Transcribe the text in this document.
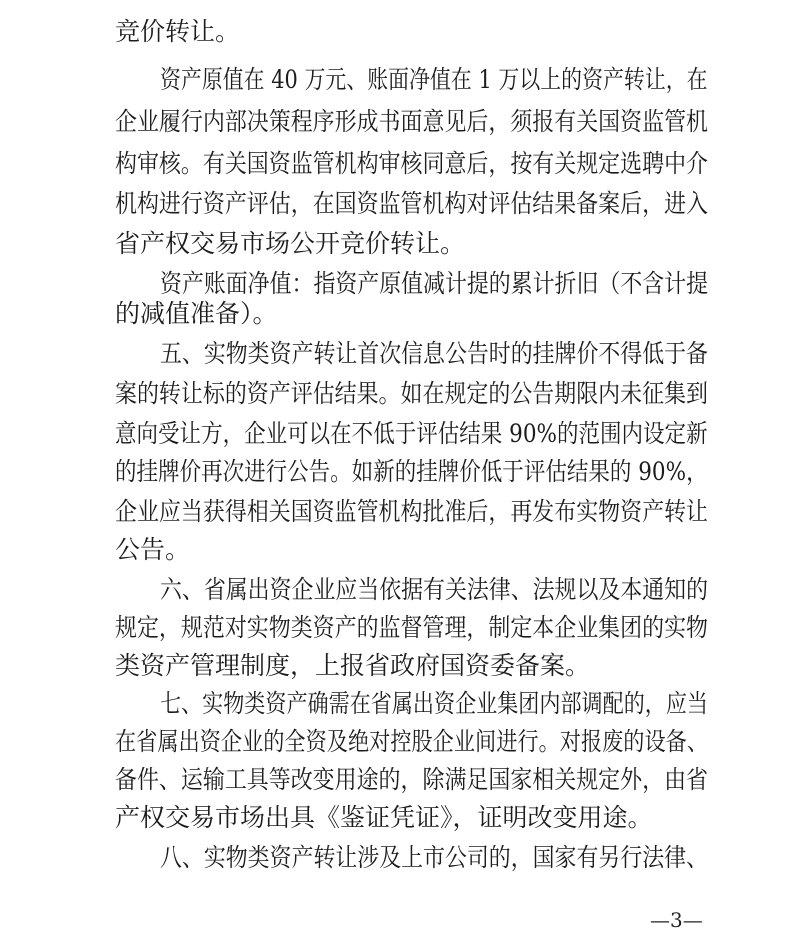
竞价转让。
资产原值在 40 万元、账面净值在 1 万以上的资产转让，在
企业履行内部决策程序形成书面意见后，须报有关国资监管机
构审核。有关国资监管机构审核同意后，按有关规定选聘中介
机构进行资产评估，在国资监管机构对评估结果备案后，进入
省产权交易市场公开竞价转让。
资产账面净值：指资产原值减计提的累计折旧（不含计提
的减值准备）。
五、实物类资产转让首次信息公告时的挂牌价不得低于备
案的转让标的资产评估结果。如在规定的公告期限内未征集到
意向受让方，企业可以在不低于评估结果 90%的范围内设定新
的挂牌价再次进行公告。如新的挂牌价低于评估结果的 90%，
企业应当获得相关国资监管机构批准后，再发布实物资产转让
公告。
六、省属出资企业应当依据有关法律、法规以及本通知的
规定，规范对实物类资产的监督管理，制定本企业集团的实物
类资产管理制度，上报省政府国资委备案。
七、实物类资产确需在省属出资企业集团内部调配的，应当
在省属出资企业的全资及绝对控股企业间进行。对报废的设备、
备件、运输工具等改变用途的，除满足国家相关规定外，由省
产权交易市场出具《鉴证凭证》，证明改变用途。
八、实物类资产转让涉及上市公司的，国家有另行法律、
—3—
